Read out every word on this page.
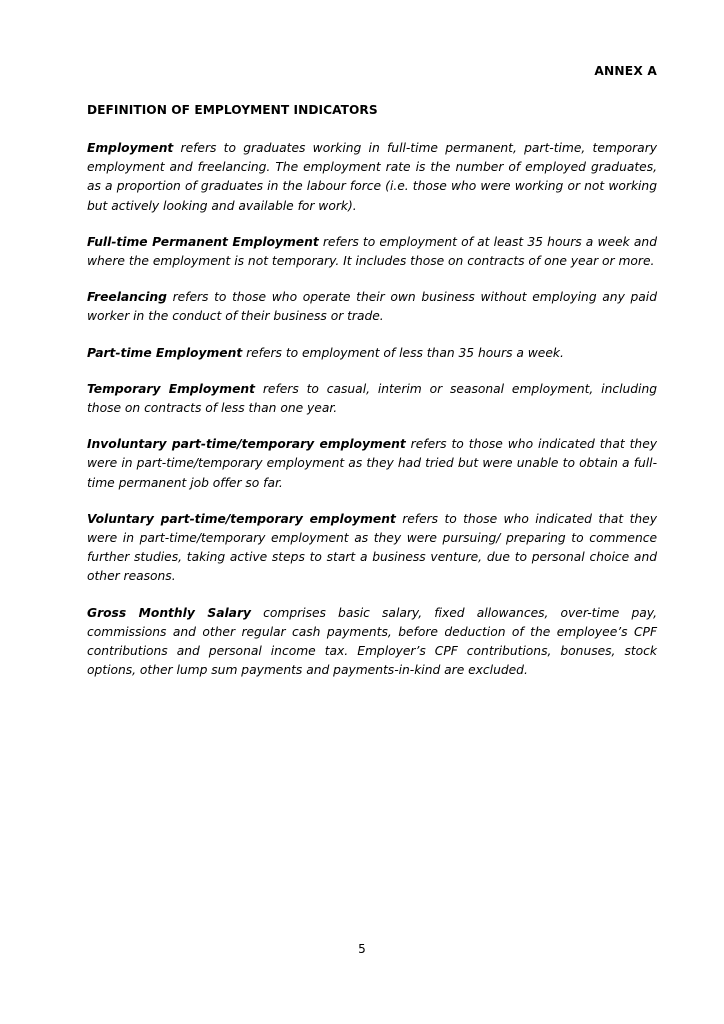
ANNEX A
DEFINITION OF EMPLOYMENT INDICATORS

Employment refers to graduates working in full-time permanent, part-time, temporary employment and freelancing. The employment rate is the number of employed graduates, as a proportion of graduates in the labour force (i.e. those who were working or not working but actively looking and available for work).

Full-time Permanent Employment refers to employment of at least 35 hours a week and where the employment is not temporary. It includes those on contracts of one year or more.

Freelancing refers to those who operate their own business without employing any paid worker in the conduct of their business or trade.

Part-time Employment refers to employment of less than 35 hours a week.

Temporary Employment refers to casual, interim or seasonal employment, including those on contracts of less than one year.

Involuntary part-time/temporary employment refers to those who indicated that they were in part-time/temporary employment as they had tried but were unable to obtain a full-time permanent job offer so far.

Voluntary part-time/temporary employment refers to those who indicated that they were in part-time/temporary employment as they were pursuing/ preparing to commence further studies, taking active steps to start a business venture, due to personal choice and other reasons.

Gross Monthly Salary comprises basic salary, fixed allowances, over-time pay, commissions and other regular cash payments, before deduction of the employee’s CPF contributions and personal income tax. Employer’s CPF contributions, bonuses, stock options, other lump sum payments and payments-in-kind are excluded.

5
